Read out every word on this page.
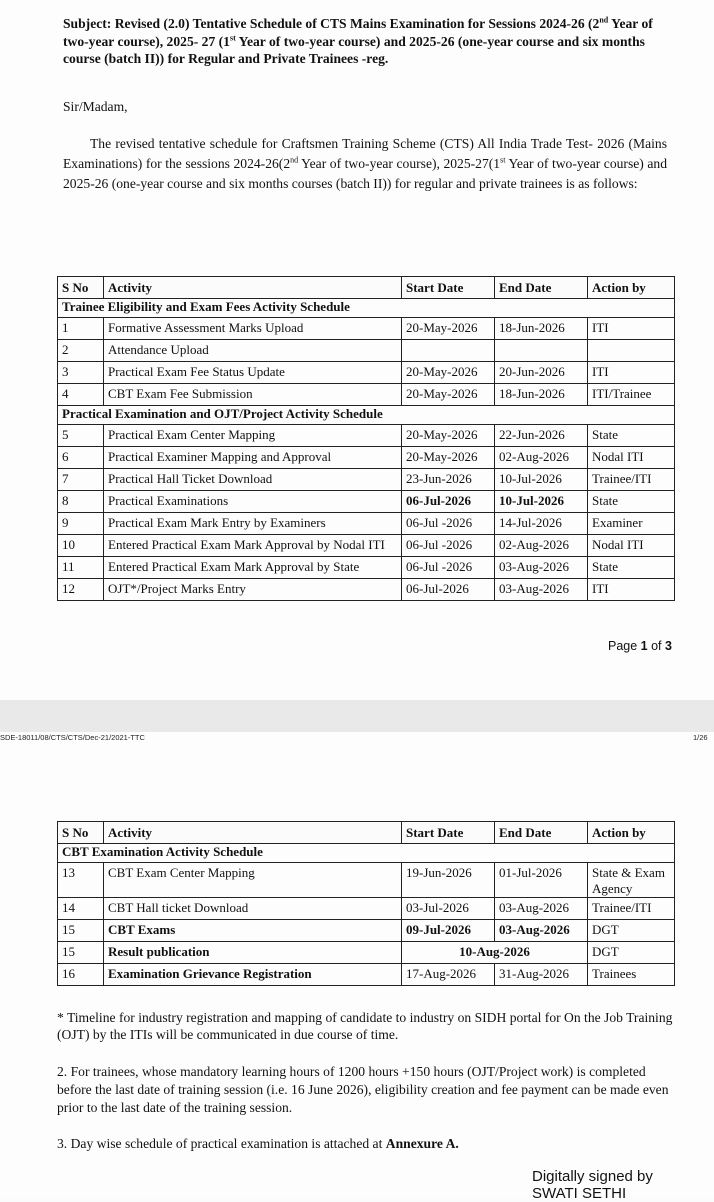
Subject: Revised (2.0) Tentative Schedule of CTS Mains Examination for Sessions 2024-26 (2nd Year of two-year course), 2025- 27 (1st Year of two-year course) and 2025-26 (one-year course and six months course (batch II)) for Regular and Private Trainees -reg.
Sir/Madam,
The revised tentative schedule for Craftsmen Training Scheme (CTS) All India Trade Test- 2026 (Mains Examinations) for the sessions 2024-26(2nd Year of two-year course), 2025-27(1st Year of two-year course) and 2025-26 (one-year course and six months courses (batch II)) for regular and private trainees is as follows:
S No	Activity	Start Date	End Date	Action by
Trainee Eligibility and Exam Fees Activity Schedule				
1	Formative Assessment Marks Upload	20-May-2026	18-Jun-2026	ITI
2	Attendance Upload			
3	Practical Exam Fee Status Update	20-May-2026	20-Jun-2026	ITI
4	CBT Exam Fee Submission	20-May-2026	18-Jun-2026	ITI/Trainee
Practical Examination and OJT/Project Activity Schedule				
5	Practical Exam Center Mapping	20-May-2026	22-Jun-2026	State
6	Practical Examiner Mapping and Approval	20-May-2026	02-Aug-2026	Nodal ITI
7	Practical Hall Ticket Download	23-Jun-2026	10-Jul-2026	Trainee/ITI
8	Practical Examinations	06-Jul-2026	10-Jul-2026	State
9	Practical Exam Mark Entry by Examiners	06-Jul -2026	14-Jul-2026	Examiner
10	Entered Practical Exam Mark Approval by Nodal ITI	06-Jul -2026	02-Aug-2026	Nodal ITI
11	Entered Practical Exam Mark Approval by State	06-Jul -2026	03-Aug-2026	State
12	OJT*/Project Marks Entry	06-Jul-2026	03-Aug-2026	ITI
Page 1 of 3
SDE-18011/08/CTS/CTS/Dec-21/2021-TTC	1/26
S No	Activity	Start Date	End Date	Action by
CBT Examination Activity Schedule				
13	CBT Exam Center Mapping	19-Jun-2026	01-Jul-2026	State & Exam Agency
14	CBT Hall ticket Download	03-Jul-2026	03-Aug-2026	Trainee/ITI
15	CBT Exams	09-Jul-2026	03-Aug-2026	DGT
15	Result publication	10-Aug-2026		DGT
16	Examination Grievance Registration	17-Aug-2026	31-Aug-2026	Trainees
* Timeline for industry registration and mapping of candidate to industry on SIDH portal for On the Job Training (OJT) by the ITIs will be communicated in due course of time.
2. For trainees, whose mandatory learning hours of 1200 hours +150 hours (OJT/Project work) is completed before the last date of training session (i.e. 16 June 2026), eligibility creation and fee payment can be made even prior to the last date of the training session.
3. Day wise schedule of practical examination is attached at Annexure A.
Digitally signed by
SWATI SETHI
